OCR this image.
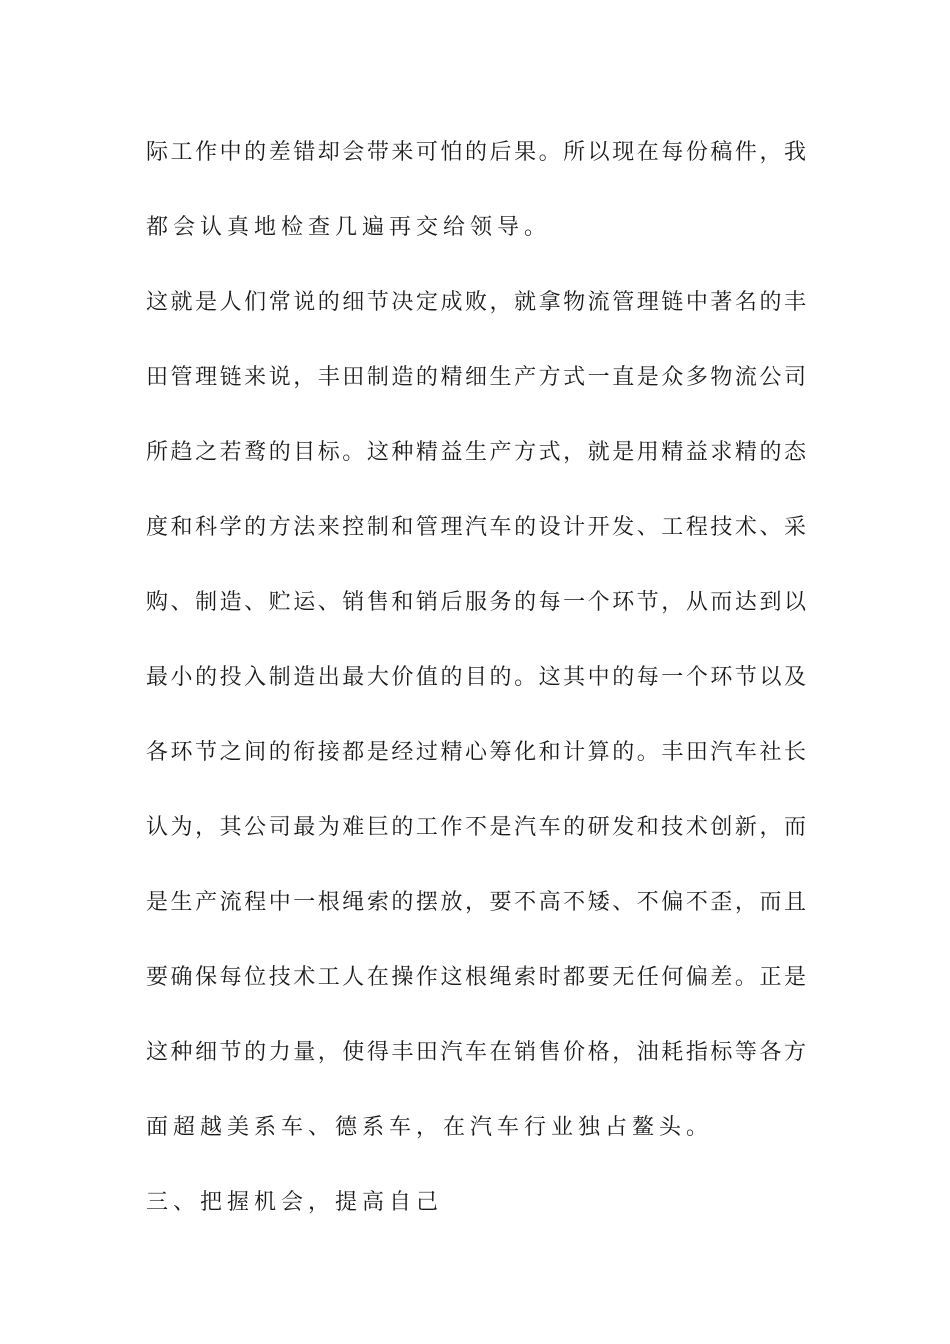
际工作中的差错却会带来可怕的后果。所以现在每份稿件，我
都会认真地检查几遍再交给领导。
这就是人们常说的细节决定成败，就拿物流管理链中著名的丰
田管理链来说，丰田制造的精细生产方式一直是众多物流公司
所趋之若鹜的目标。这种精益生产方式，就是用精益求精的态
度和科学的方法来控制和管理汽车的设计开发、工程技术、采
购、制造、贮运、销售和销后服务的每一个环节，从而达到以
最小的投入制造出最大价值的目的。这其中的每一个环节以及
各环节之间的衔接都是经过精心筹化和计算的。丰田汽车社长
认为，其公司最为难巨的工作不是汽车的研发和技术创新，而
是生产流程中一根绳索的摆放，要不高不矮、不偏不歪，而且
要确保每位技术工人在操作这根绳索时都要无任何偏差。正是
这种细节的力量，使得丰田汽车在销售价格，油耗指标等各方
面超越美系车、德系车，在汽车行业独占鳌头。
三、把握机会，提高自己
